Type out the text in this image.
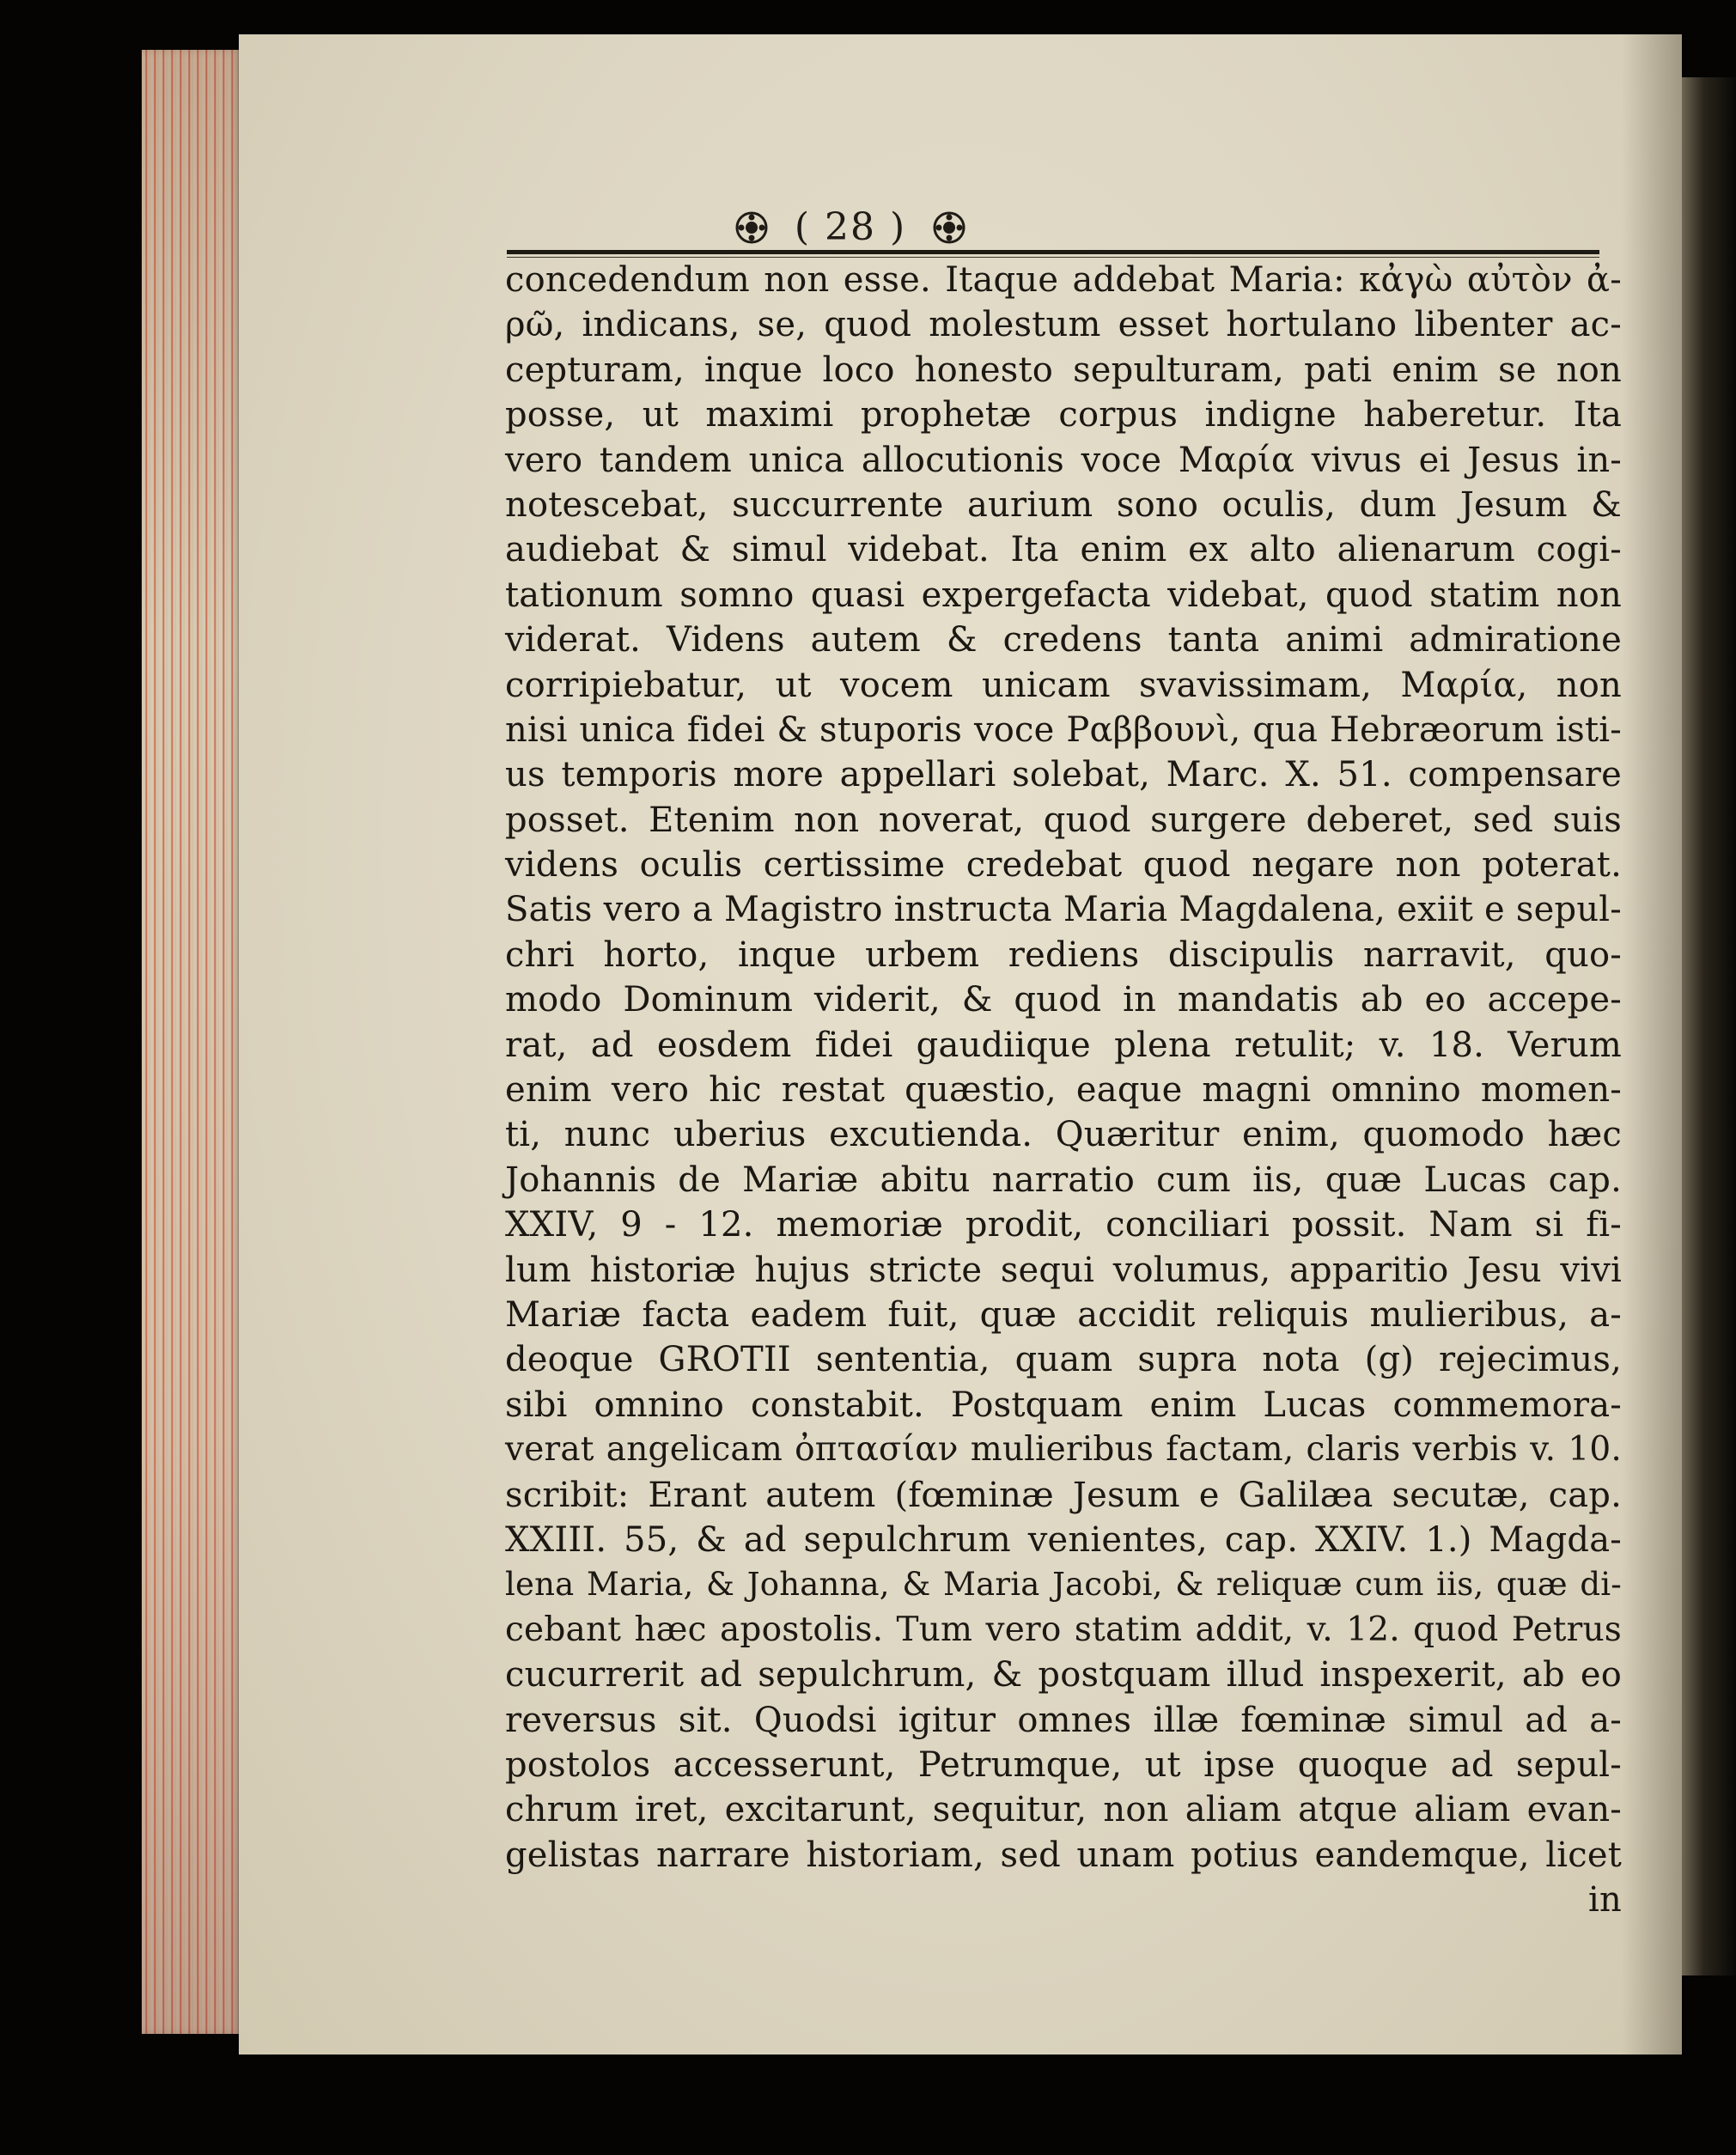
( 28 )
concedendum non esse. Itaque addebat Maria: κἀγὼ αὐτὸν ἀ-
ρῶ, indicans, se, quod molestum esset hortulano libenter ac-
cepturam, inque loco honesto sepulturam, pati enim se non
posse, ut maximi prophetæ corpus indigne haberetur. Ita
vero tandem unica allocutionis voce Μαρία vivus ei Jesus in-
notescebat, succurrente aurium sono oculis, dum Jesum &
audiebat & simul videbat. Ita enim ex alto alienarum cogi-
tationum somno quasi expergefacta videbat, quod statim non
viderat. Videns autem & credens tanta animi admiratione
corripiebatur, ut vocem unicam svavissimam, Μαρία, non
nisi unica fidei & stuporis voce Ραββουνὶ, qua Hebræorum isti-
us temporis more appellari solebat, Marc. X. 51. compensare
posset. Etenim non noverat, quod surgere deberet, sed suis
videns oculis certissime credebat quod negare non poterat.
Satis vero a Magistro instructa Maria Magdalena, exiit e sepul-
chri horto, inque urbem rediens discipulis narravit, quo-
modo Dominum viderit, & quod in mandatis ab eo accepe-
rat, ad eosdem fidei gaudiique plena retulit; v. 18. Verum
enim vero hic restat quæstio, eaque magni omnino momen-
ti, nunc uberius excutienda. Quæritur enim, quomodo hæc
Johannis de Mariæ abitu narratio cum iis, quæ Lucas cap.
XXIV, 9 - 12. memoriæ prodit, conciliari possit. Nam si fi-
lum historiæ hujus stricte sequi volumus, apparitio Jesu vivi
Mariæ facta eadem fuit, quæ accidit reliquis mulieribus, a-
deoque GROTII sententia, quam supra nota (g) rejecimus,
sibi omnino constabit. Postquam enim Lucas commemora-
verat angelicam ὀπτασίαν mulieribus factam, claris verbis v. 10.
scribit: Erant autem (fœminæ Jesum e Galilæa secutæ, cap.
XXIII. 55, & ad sepulchrum venientes, cap. XXIV. 1.) Magda-
lena Maria, & Johanna, & Maria Jacobi, & reliquæ cum iis, quæ di-
cebant hæc apostolis. Tum vero statim addit, v. 12. quod Petrus
cucurrerit ad sepulchrum, & postquam illud inspexerit, ab eo
reversus sit. Quodsi igitur omnes illæ fœminæ simul ad a-
postolos accesserunt, Petrumque, ut ipse quoque ad sepul-
chrum iret, excitarunt, sequitur, non aliam atque aliam evan-
gelistas narrare historiam, sed unam potius eandemque, licet
in
